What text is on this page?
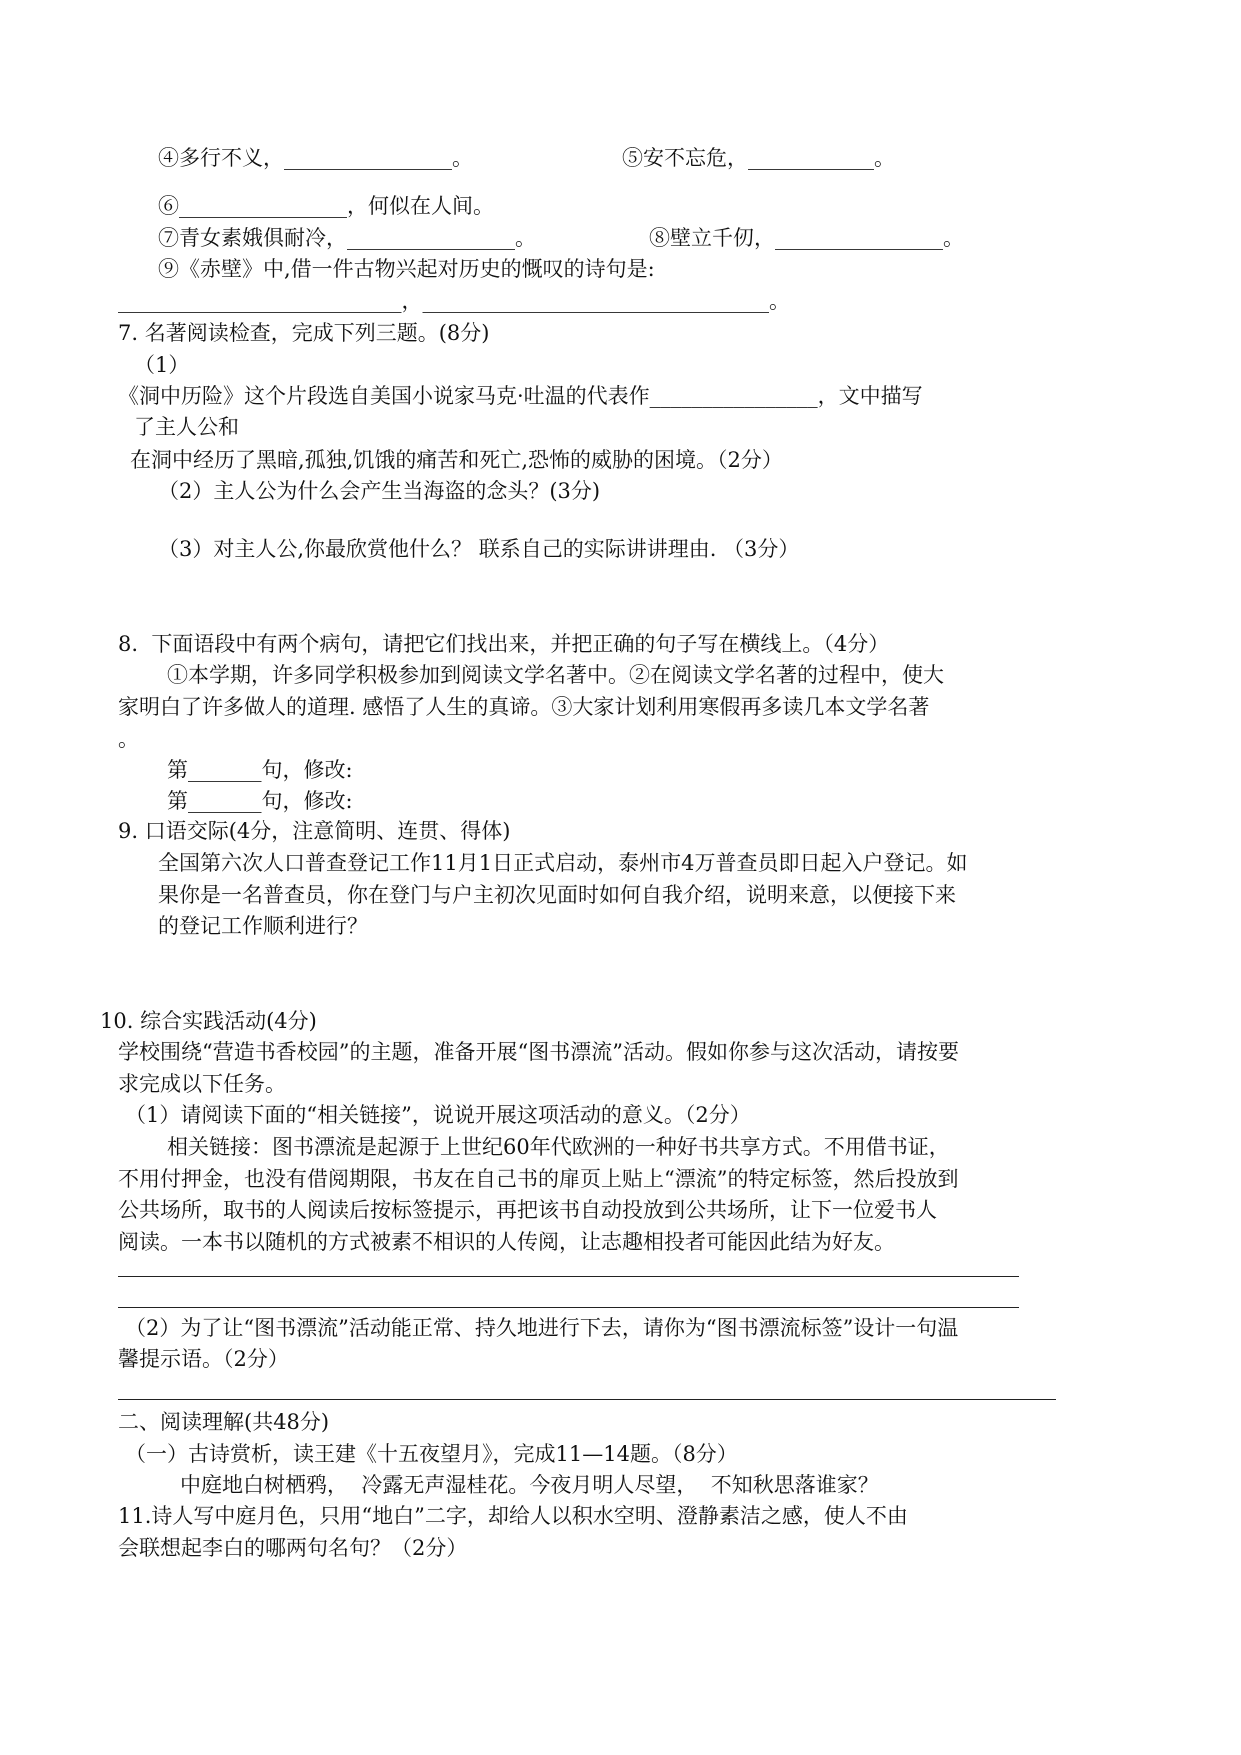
④多行不义，________________。	⑤安不忘危，____________。
⑥________________，何似在人间。
⑦青女素娥俱耐冷，________________。	⑧壁立千仞，________________。
⑨《赤壁》中,借一件古物兴起对历史的慨叹的诗句是:
___________________________，_________________________________。
7. 名著阅读检查，完成下列三题。(8分)
（1）
《洞中历险》这个片段选自美国小说家马克·吐温的代表作________________，文中描写
了主人公和
在洞中经历了黑暗,孤独,饥饿的痛苦和死亡,恐怖的威胁的困境。（2分）
（2）主人公为什么会产生当海盗的念头？(3分)
（3）对主人公,你最欣赏他什么？ 联系自己的实际讲讲理由. （3分）
8.  下面语段中有两个病句，请把它们找出来，并把正确的句子写在横线上。（4分）
①本学期，许多同学积极参加到阅读文学名著中。②在阅读文学名著的过程中，使大
家明白了许多做人的道理. 感悟了人生的真谛。③大家计划利用寒假再多读几本文学名著
。
第_______句，修改:
第_______句，修改:
9. 口语交际(4分，注意简明、连贯、得体)
全国第六次人口普查登记工作11月1日正式启动，泰州市4万普查员即日起入户登记。如
果你是一名普查员，你在登门与户主初次见面时如何自我介绍，说明来意，以便接下来
的登记工作顺利进行？
10. 综合实践活动(4分)
学校围绕“营造书香校园”的主题，准备开展“图书漂流”活动。假如你参与这次活动，请按要
求完成以下任务。
（1）请阅读下面的“相关链接”，说说开展这项活动的意义。（2分）
相关链接：图书漂流是起源于上世纪60年代欧洲的一种好书共享方式。不用借书证，
不用付押金，也没有借阅期限，书友在自己书的扉页上贴上“漂流”的特定标签，然后投放到
公共场所，取书的人阅读后按标签提示，再把该书自动投放到公共场所，让下一位爱书人
阅读。一本书以随机的方式被素不相识的人传阅，让志趣相投者可能因此结为好友。
（2）为了让“图书漂流”活动能正常、持久地进行下去，请你为“图书漂流标签”设计一句温
馨提示语。（2分）
二、阅读理解(共48分)
（一）古诗赏析，读王建《十五夜望月》，完成11—14题。（8分）
中庭地白树栖鸦，  冷露无声湿桂花。今夜月明人尽望，  不知秋思落谁家？
11.诗人写中庭月色，只用“地白”二字，却给人以积水空明、澄静素洁之感，使人不由
会联想起李白的哪两句名句？（2分）
